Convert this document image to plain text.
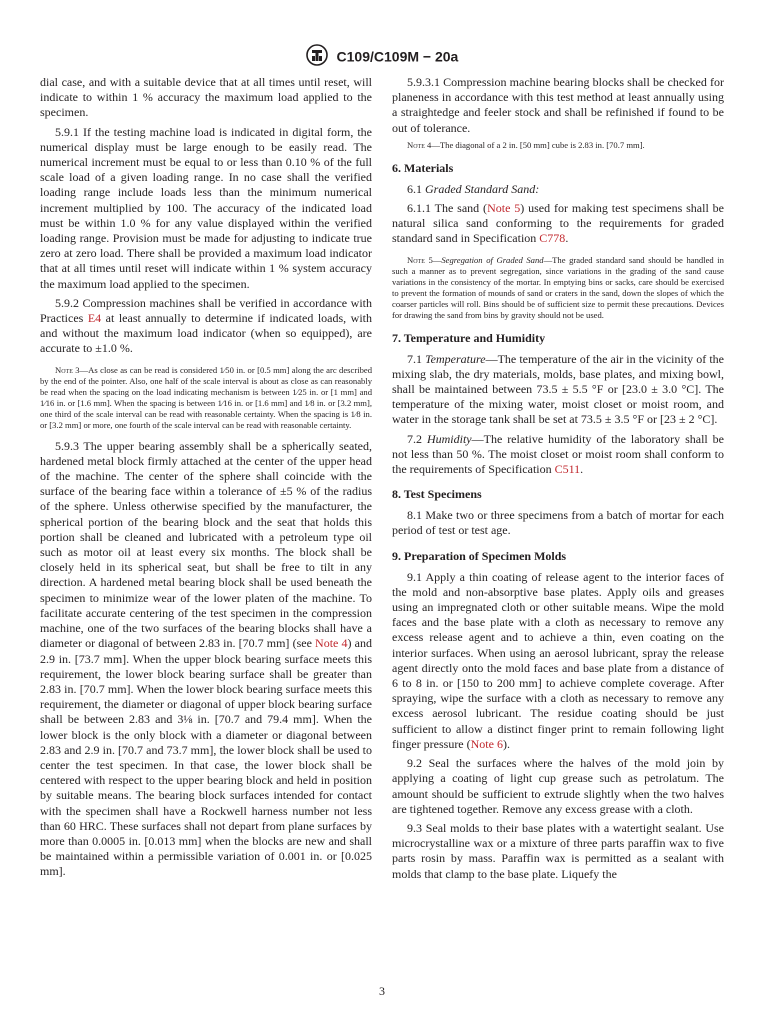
C109/C109M − 20a

dial case, and with a suitable device that at all times until reset, will indicate to within 1 % accuracy the maximum load applied to the specimen.

5.9.1 If the testing machine load is indicated in digital form, the numerical display must be large enough to be easily read. The numerical increment must be equal to or less than 0.10 % of the full scale load of a given loading range. In no case shall the verified loading range include loads less than the minimum numerical increment multiplied by 100. The accuracy of the indicated load must be within 1.0 % for any value displayed within the verified loading range. Provision must be made for adjusting to indicate true zero at zero load. There shall be provided a maximum load indicator that at all times until reset will indicate within 1 % system accuracy the maximum load applied to the specimen.

5.9.2 Compression machines shall be verified in accordance with Practices E4 at least annually to determine if indicated loads, with and without the maximum load indicator (when so equipped), are accurate to ±1.0 %.

Note 3—As close as can be read is considered 1⁄50 in. or [0.5 mm] along the arc described by the end of the pointer. Also, one half of the scale interval is about as close as can reasonably be read when the spacing on the load indicating mechanism is between 1⁄25 in. or [1 mm] and 1⁄16 in. or [1.6 mm]. When the spacing is between 1⁄16 in. or [1.6 mm] and 1⁄8 in. or [3.2 mm], one third of the scale interval can be read with reasonable certainty. When the spacing is 1⁄8 in. or [3.2 mm] or more, one fourth of the scale interval can be read with reasonable certainty.

5.9.3 The upper bearing assembly shall be a spherically seated, hardened metal block firmly attached at the center of the upper head of the machine. The center of the sphere shall coincide with the surface of the bearing face within a tolerance of ±5 % of the radius of the sphere. Unless otherwise specified by the manufacturer, the spherical portion of the bearing block and the seat that holds this portion shall be cleaned and lubricated with a petroleum type oil such as motor oil at least every six months. The block shall be closely held in its spherical seat, but shall be free to tilt in any direction. A hardened metal bearing block shall be used beneath the specimen to minimize wear of the lower platen of the machine. To facilitate accurate centering of the test specimen in the compression machine, one of the two surfaces of the bearing blocks shall have a diameter or diagonal of between 2.83 in. [70.7 mm] (see Note 4) and 2.9 in. [73.7 mm]. When the upper block bearing surface meets this requirement, the lower block bearing surface shall be greater than 2.83 in. [70.7 mm]. When the lower block bearing surface meets this requirement, the diameter or diagonal of upper block bearing surface shall be between 2.83 and 3⅛ in. [70.7 and 79.4 mm]. When the lower block is the only block with a diameter or diagonal between 2.83 and 2.9 in. [70.7 and 73.7 mm], the lower block shall be used to center the test specimen. In that case, the lower block shall be centered with respect to the upper bearing block and held in position by suitable means. The bearing block surfaces intended for contact with the specimen shall have a Rockwell harness number not less than 60 HRC. These surfaces shall not depart from plane surfaces by more than 0.0005 in. [0.013 mm] when the blocks are new and shall be maintained within a permissible variation of 0.001 in. or [0.025 mm].

5.9.3.1 Compression machine bearing blocks shall be checked for planeness in accordance with this test method at least annually using a straightedge and feeler stock and shall be refinished if found to be out of tolerance.

Note 4—The diagonal of a 2 in. [50 mm] cube is 2.83 in. [70.7 mm].

6. Materials

6.1 Graded Standard Sand:

6.1.1 The sand (Note 5) used for making test specimens shall be natural silica sand conforming to the requirements for graded standard sand in Specification C778.

Note 5—Segregation of Graded Sand—The graded standard sand should be handled in such a manner as to prevent segregation, since variations in the grading of the sand cause variations in the consistency of the mortar. In emptying bins or sacks, care should be exercised to prevent the formation of mounds of sand or craters in the sand, down the slopes of which the coarser particles will roll. Bins should be of sufficient size to permit these precautions. Devices for drawing the sand from bins by gravity should not be used.

7. Temperature and Humidity

7.1 Temperature—The temperature of the air in the vicinity of the mixing slab, the dry materials, molds, base plates, and mixing bowl, shall be maintained between 73.5 ± 5.5 °F or [23.0 ± 3.0 °C]. The temperature of the mixing water, moist closet or moist room, and water in the storage tank shall be set at 73.5 ± 3.5 °F or [23 ± 2 °C].

7.2 Humidity—The relative humidity of the laboratory shall be not less than 50 %. The moist closet or moist room shall conform to the requirements of Specification C511.

8. Test Specimens

8.1 Make two or three specimens from a batch of mortar for each period of test or test age.

9. Preparation of Specimen Molds

9.1 Apply a thin coating of release agent to the interior faces of the mold and non-absorptive base plates. Apply oils and greases using an impregnated cloth or other suitable means. Wipe the mold faces and the base plate with a cloth as necessary to remove any excess release agent and to achieve a thin, even coating on the interior surfaces. When using an aerosol lubricant, spray the release agent directly onto the mold faces and base plate from a distance of 6 to 8 in. or [150 to 200 mm] to achieve complete coverage. After spraying, wipe the surface with a cloth as necessary to remove any excess aerosol lubricant. The residue coating should be just sufficient to allow a distinct finger print to remain following light finger pressure (Note 6).

9.2 Seal the surfaces where the halves of the mold join by applying a coating of light cup grease such as petrolatum. The amount should be sufficient to extrude slightly when the two halves are tightened together. Remove any excess grease with a cloth.

9.3 Seal molds to their base plates with a watertight sealant. Use microcrystalline wax or a mixture of three parts paraffin wax to five parts rosin by mass. Paraffin wax is permitted as a sealant with molds that clamp to the base plate. Liquefy the

3
